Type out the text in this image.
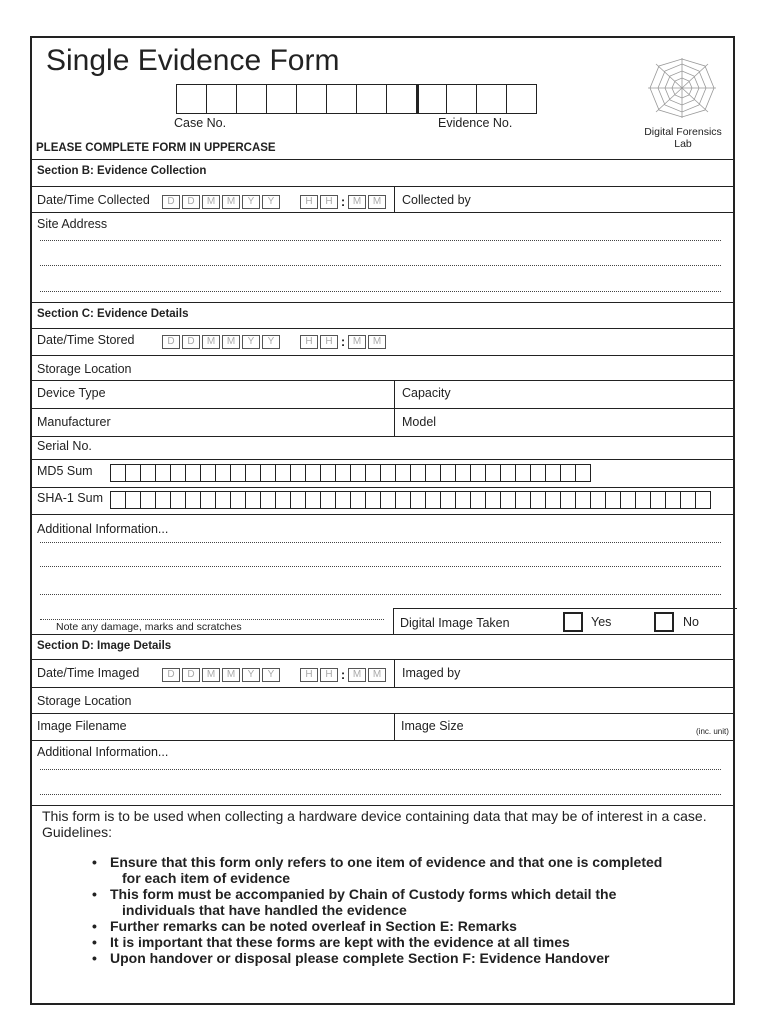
Single Evidence Form
Case No.	Evidence No.
PLEASE COMPLETE FORM IN UPPERCASE
Digital Forensics
Lab
Section B: Evidence Collection
Date/Time Collected	D	D	M	M	Y	Y	H	H : M	M	Collected by
Site Address
Section C: Evidence Details
Date/Time Stored	D	D	M	M	Y	Y	H	H : M	M
Storage Location
Device Type	Capacity
Manufacturer	Model
Serial No.
MD5 Sum
SHA-1 Sum
Additional Information...
Note any damage, marks and scratches	Digital Image Taken	Yes	No
Section D: Image Details
Date/Time Imaged	D	D	M	M	Y	Y	H	H : M	M	Imaged by
Storage Location
Image Filename	Image Size	(inc. unit)
Additional Information...
This form is to be used when collecting a hardware device containing data that may be of interest in a case. Guidelines:
• Ensure that this form only refers to one item of evidence and that one is completed
for each item of evidence
• This form must be accompanied by Chain of Custody forms which detail the
individuals that have handled the evidence
• Further remarks can be noted overleaf in Section E: Remarks
• It is important that these forms are kept with the evidence at all times
• Upon handover or disposal please complete Section F: Evidence Handover
